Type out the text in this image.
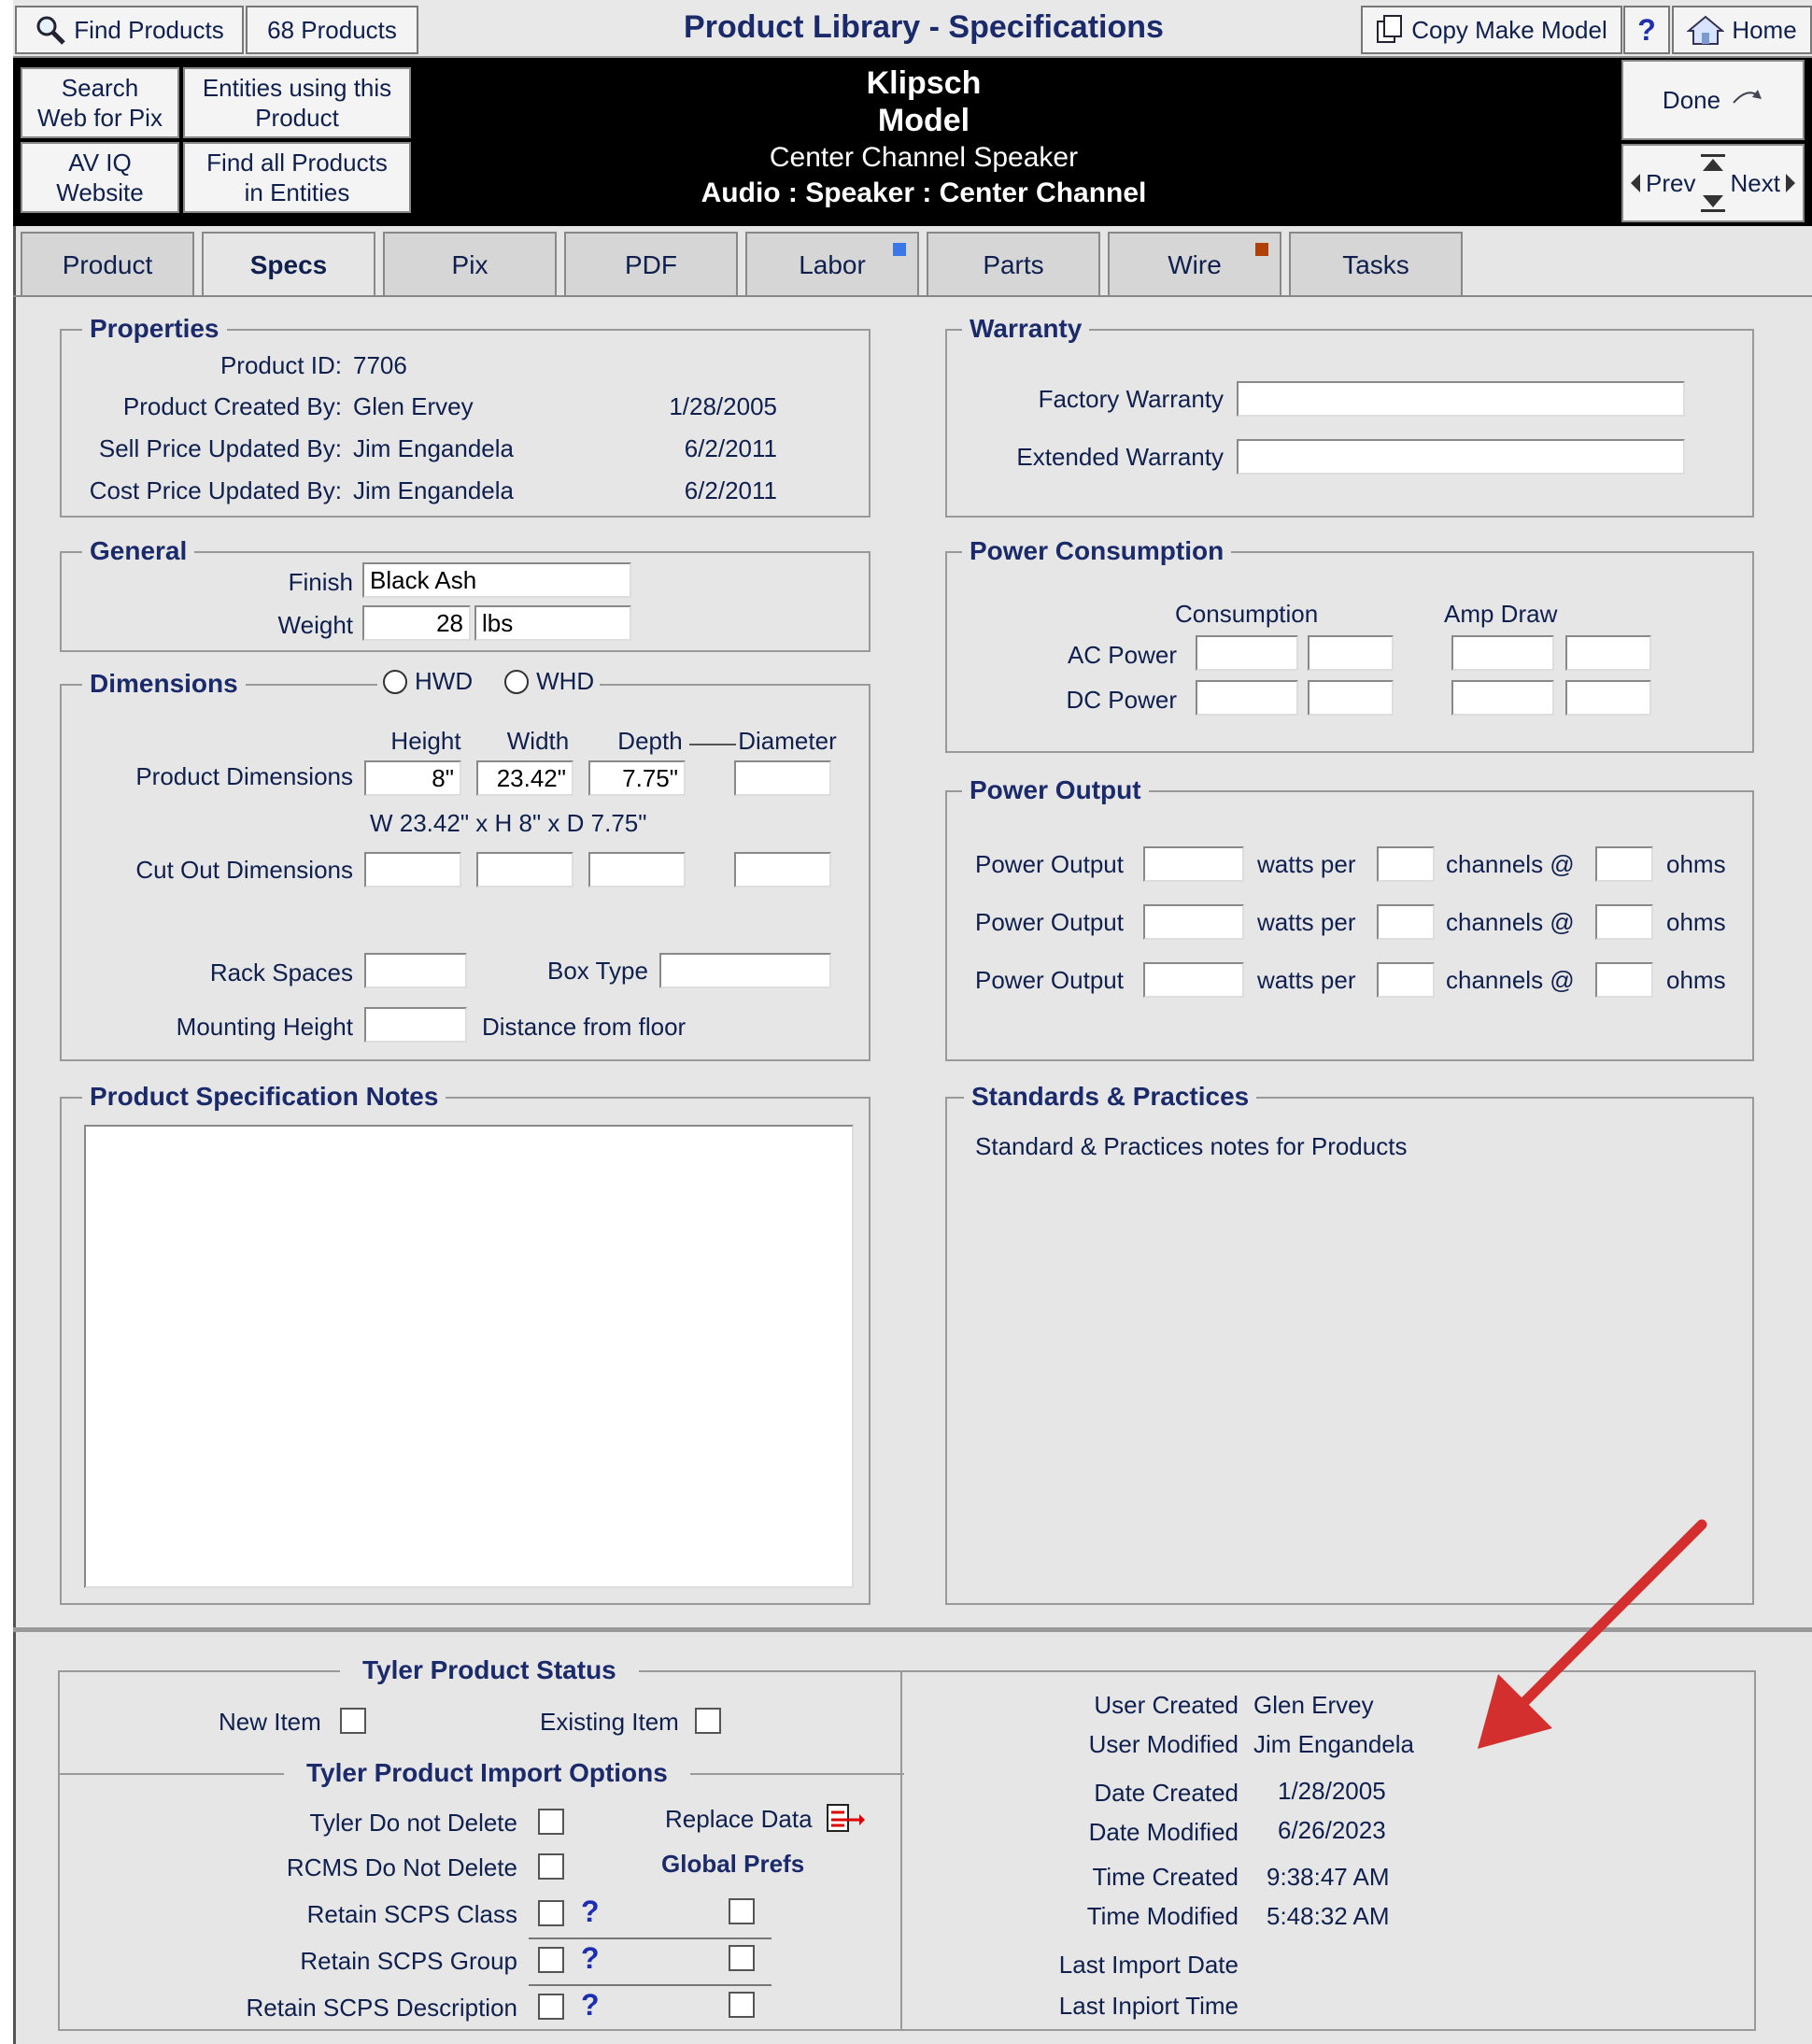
Find Products	68 Products	Product Library - Specifications	Copy Make Model	?	Home
Search
Web for Pix
Entities using this
Product
AV IQ
Website
Find all Products
in Entities
Klipsch
Model
Center Channel Speaker
Audio : Speaker : Center Channel
Done
Prev Next
Product	Specs	Pix	PDF	Labor	Parts	Wire	Tasks
Properties
Product ID: 7706
Product Created By: Glen Ervey	1/28/2005
Sell Price Updated By: Jim Engandela	6/2/2011
Cost Price Updated By: Jim Engandela	6/2/2011
General
Finish Black Ash
Weight	28 lbs
Dimensions	HWD	WHD
Height	Width	Depth	Diameter
Product Dimensions	8"	23.42"	7.75"
W 23.42" x H 8" x D 7.75"
Cut Out Dimensions
Rack Spaces	Box Type
Mounting Height	Distance from floor
Product Specification Notes
Warranty
Factory Warranty
Extended Warranty
Power Consumption
Consumption	Amp Draw
AC Power
DC Power
Power Output
Power Output	watts per	channels @	ohms
Power Output	watts per	channels @	ohms
Power Output	watts per	channels @	ohms
Standards & Practices
Standard & Practices notes for Products
Tyler Product Status
New Item	Existing Item
Tyler Product Import Options
Tyler Do not Delete	Replace Data
RCMS Do Not Delete	Global Prefs
Retain SCPS Class ?
Retain SCPS Group ?
Retain SCPS Description ?
User Created Glen Ervey
User Modified Jim Engandela
Date Created 1/28/2005
Date Modified 6/26/2023
Time Created 9:38:47 AM
Time Modified 5:48:32 AM
Last Import Date
Last Inpiort Time
